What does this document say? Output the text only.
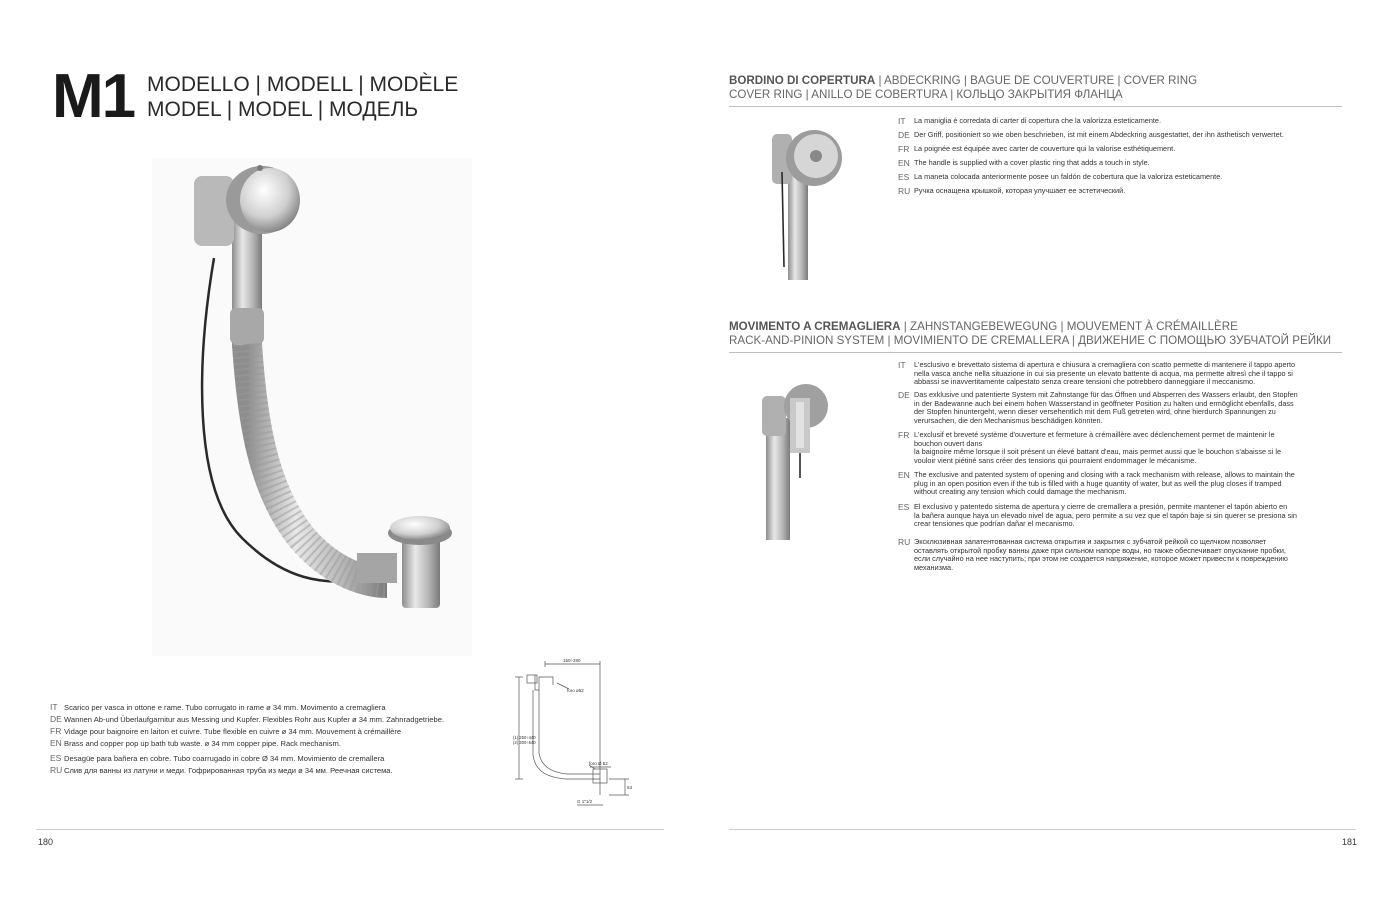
M1 MODELLO | MODELL | MODÈLE
MODEL | MODEL | МОДЕЛЬ
IT Scarico per vasca in ottone e rame. Tubo corrugato in rame ø 34 mm. Movimento a cremagliera
DE Wannen Ab-und Überlaufgarnitur aus Messing und Kupfer. Flexibles Rohr aus Kupfer ø 34 mm. Zahnradgetriebe.
FR Vidage pour baignoire en laiton et cuivre. Tube flexible en cuivre ø 34 mm. Mouvement à crémaillère
EN Brass and copper pop up bath tub waste. ø 34 mm copper pipe. Rack mechanism.
ES Desagüe para bañera en cobre. Tubo coarrugado in cobre Ø 34 mm. Movimiento de cremallera
RU Слив для ванны из латуни и меди. Гофрированная труба из меди ø 34 мм. Реечная система.
150÷280
foro ø52
(1) 250÷440
(2) 300÷540
foro Ø 52
G 1"1/2
63
180
BORDINO DI COPERTURA | ABDECKRING | BAGUE DE COUVERTURE | COVER RING
COVER RING | ANILLO DE COBERTURA | КОЛЬЦО ЗАКРЫТИЯ ФЛАНЦА
IT La maniglia è corredata di carter di copertura che la valorizza esteticamente.
DE Der Griff, positioniert so wie oben beschrieben, ist mit einem Abdeckring ausgestattet, der ihn ästhetisch verwertet.
FR La poignée est équipée avec carter de couverture qui la valorise esthétiquement.
EN The handle is supplied with a cover plastic ring that adds a touch in style.
ES La maneta colocada anteriormente posee un faldón de cobertura que la valoriza esteticamente.
RU Ручка оснащена крышкой, которая улучшает ее эстетический.
MOVIMENTO A CREMAGLIERA | ZAHNSTANGEBEWEGUNG | MOUVEMENT À CRÉMAILLÈRE
RACK-AND-PINION SYSTEM | MOVIMIENTO DE CREMALLERA | ДВИЖЕНИЕ С ПОМОЩЬЮ ЗУБЧАТОЙ РЕЙКИ
IT L'esclusivo e brevettato sistema di apertura e chiusura a cremagliera con scatto permette di mantenere il tappo aperto
nella vasca anche nella situazione in cui sia presente un elevato battente di acqua, ma permette altresì che il tappo si
abbassi se inavvertitamente calpestato senza creare tensioni che potrebbero danneggiare il meccanismo.
DE Das exklusive und patentierte System mit Zahnstange für das Öffnen und Absperren des Wassers erlaubt, den Stopfen
in der Badewanne auch bei einem hohen Wasserstand in geöffneter Position zu halten und ermöglicht ebenfalls, dass
der Stopfen hinuntergeht, wenn dieser versehentlich mit dem Fuß getreten wird, ohne hierdurch Spannungen zu
verursachen, die den Mechanismus beschädigen könnten.
FR L'exclusif et breveté système d'ouverture et fermeture à crémaillère avec déclenchement permet de maintenir le
bouchon ouvert dans
la baignoire même lorsque il soit présent un élevé battant d'eau, mais permet aussi que le bouchon s'abaisse si le
vouloir vient piétiné sans créer des tensions qui pourraient endommager le mécanisme.
EN The exclusive and patented system of opening and closing with a rack mechanism with release, allows to maintain the
plug in an open position even if the tub is filled with a huge quantity of water, but as well the plug closes if tramped
without creating any tension which could damage the mechanism.
ES El exclusivo y patentedo sistema de apertura y cierre de cremallera a presión, permite mantener el tapón abierto en
la bañera aunque haya un elevado nivel de agua, pero permite a su vez que el tapón baje si sin querer se presiona sin
crear tensiones que podrían dañar el mecanismo.
RU Эксклюзивная запатентованная система открытия и закрытия с зубчатой рейкой со щелчком позволяет
оставлять открытой пробку ванны даже при сильном напоре воды, но также обеспечивает опускание пробки,
если случайно на нее наступить; при этом не создается напряжение, которое может привести к повреждению
механизма.
181
